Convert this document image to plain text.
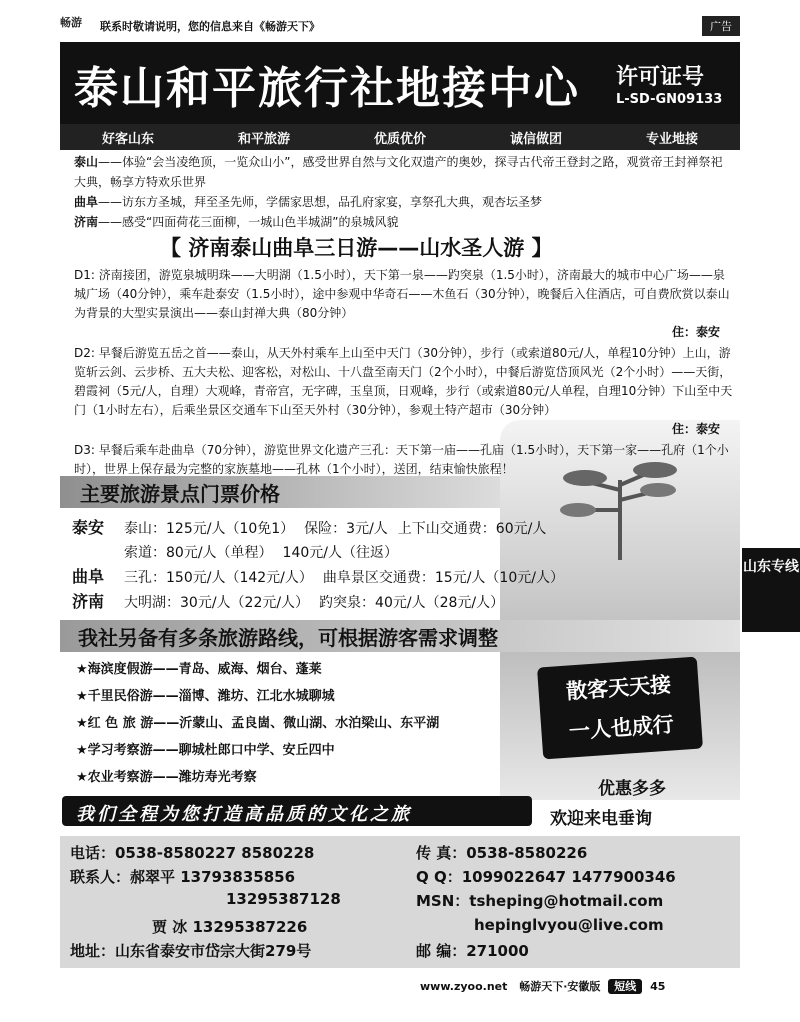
畅游 联系时敬请说明，您的信息来自《畅游天下》	广告
泰山和平旅行社地接中心 许可证号
L-SD-GN09133
好客山东	和平旅游	优质优价	诚信做团	专业地接

泰山——体验“会当凌绝顶，一览众山小”，感受世界自然与文化双遗产的奥妙，探寻古代帝王登封之路，观赏帝王封禅祭祀大典，畅享方特欢乐世界

曲阜——访东方圣城，拜至圣先师，学儒家思想，品孔府家宴，享祭孔大典，观杏坛圣梦

济南——感受“四面荷花三面柳，一城山色半城湖”的泉城风貌

【 济南泰山曲阜三日游——山水圣人游 】
D1: 济南接团，游览泉城明珠——大明湖（1.5小时），天下第一泉——趵突泉（1.5小时），济南最大的城市中心广场——泉城广场（40分钟），乘车赴泰安（1.5小时），途中参观中华奇石——木鱼石（30分钟），晚餐后入住酒店，可自费欣赏以泰山为背景的大型实景演出——泰山封禅大典（80分钟）
住：泰安
D2: 早餐后游览五岳之首——泰山，从天外村乘车上山至中天门（30分钟），步行（或索道80元/人，单程10分钟）上山，游览斩云剑、云步桥、五大夫松、迎客松，对松山、十八盘至南天门（2个小时），中餐后游览岱顶风光（2个小时）——天街，碧霞祠（5元/人，自理）大观峰，青帝宫，无字碑，玉皇顶，日观峰，步行（或索道80元/人单程，自理10分钟）下山至中天门（1小时左右），后乘坐景区交通车下山至天外村（30分钟），参观土特产超市（30分钟）
住：泰安
D3: 早餐后乘车赴曲阜（70分钟），游览世界文化遗产三孔：天下第一庙——孔庙（1.5小时），天下第一家——孔府（1个小时），世界上保存最为完整的家族墓地——孔林（1个小时），送团，结束愉快旅程！
主要旅游景点门票价格
泰安	泰山：125元/人（10免1） 保险：3元/人 上下山交通费：60元/人
索道：80元/人（单程） 140元/人（往返）
曲阜	三孔：150元/人（142元/人） 曲阜景区交通费：15元/人（10元/人）
济南	大明湖：30元/人（22元/人） 趵突泉：40元/人（28元/人）
我社另备有多条旅游路线，可根据游客需求调整
★海滨度假游——青岛、威海、烟台、蓬莱
★千里民俗游——淄博、潍坊、江北水城聊城
★红 色 旅 游——沂蒙山、孟良崮、微山湖、水泊梁山、东平湖
★学习考察游——聊城杜郎口中学、安丘四中
★农业考察游——潍坊寿光考察
散客天天接
一人也成行
优惠多多
欢迎来电垂询
我们全程为您打造高品质的文化之旅
山东专线
电话：0538-8580227 8580228	传 真：0538-8580226
联系人：郝翠平 13793835856	Q Q：1099022647 1477900346
13295387128	MSN：tsheping@hotmail.com
贾 冰 13295387226	hepinglvyou@live.com
地址：山东省泰安市岱宗大街279号	邮 编：271000
www.zyoo.net 畅游天下·安徽版 短线 45
